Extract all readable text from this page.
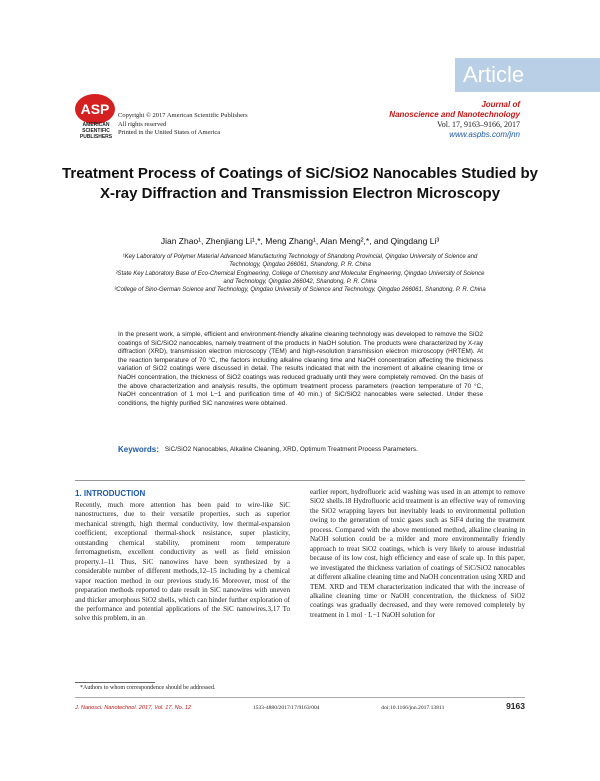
Article
ASP
AMERICAN SCIENTIFIC PUBLISHERS
Copyright © 2017 American Scientific Publishers
All rights reserved
Printed in the United States of America
Journal of
Nanoscience and Nanotechnology
Vol. 17, 9163–9166, 2017
www.aspbs.com/jnn
Treatment Process of Coatings of SiC/SiO2 Nanocables Studied by X-ray Diffraction and Transmission Electron Microscopy
Jian Zhao¹, Zhenjiang Li¹,*, Meng Zhang¹, Alan Meng²,*, and Qingdang Li³
¹Key Laboratory of Polymer Material Advanced Manufacturing Technology of Shandong Provincial, Qingdao University of Science and Technology, Qingdao 266061, Shandong, P. R. China
²State Key Laboratory Base of Eco-Chemical Engineering, College of Chemistry and Molecular Engineering, Qingdao University of Science and Technology, Qingdao 266042, Shandong, P. R. China
³College of Sino-German Science and Technology, Qingdao University of Science and Technology, Qingdao 266061, Shandong, P. R. China
In the present work, a simple, efficient and environment-friendly alkaline cleaning technology was developed to remove the SiO2 coatings of SiC/SiO2 nanocables, namely treatment of the products in NaOH solution. The products were characterized by X-ray diffraction (XRD), transmission electron microscopy (TEM) and high-resolution transmission electron microscopy (HRTEM). At the reaction temperature of 70 °C, the factors including alkaline cleaning time and NaOH concentration affecting the thickness variation of SiO2 coatings were discussed in detail. The results indicated that with the increment of alkaline cleaning time or NaOH concentration, the thickness of SiO2 coatings was reduced gradually until they were completely removed. On the basis of the above characterization and analysis results, the optimum treatment process parameters (reaction temperature of 70 °C, NaOH concentration of 1 mol L−1 and purification time of 40 min.) of SiC/SiO2 nanocables were selected. Under these conditions, the highly purified SiC nanowires were obtained.
Keywords: SiC/SiO2 Nanocables, Alkaline Cleaning, XRD, Optimum Treatment Process Parameters.
1. INTRODUCTION
Recently, much more attention has been paid to wire-like SiC nanostructures, due to their versatile properties, such as superior mechanical strength, high thermal conductivity, low thermal-expansion coefficient, exceptional thermal-shock resistance, super plasticity, outstanding chemical stability, prominent room temperature ferromagnetism, excellent conductivity as well as field emission property.1–11 Thus, SiC nanowires have been synthesized by a considerable number of different methods,12–15 including by a chemical vapor reaction method in our previous study.16 Moreover, most of the preparation methods reported to date result in SiC nanowires with uneven and thicker amorphous SiO2 shells, which can hinder further exploration of the performance and potential applications of the SiC nanowires.3,17 To solve this problem, in an
earlier report, hydrofluoric acid washing was used in an attempt to remove SiO2 shells.18 Hydrofluoric acid treatment is an effective way of removing the SiO2 wrapping layers but inevitably leads to environmental pollution owing to the generation of toxic gases such as SiF4 during the treatment process. Compared with the above mentioned method, alkaline cleaning in NaOH solution could be a milder and more environmentally friendly approach to treat SiO2 coatings, which is very likely to arouse industrial because of its low cost, high efficiency and ease of scale up. In this paper, we investigated the thickness variation of coatings of SiC/SiO2 nanocables at different alkaline cleaning time and NaOH concentration using XRD and TEM. XRD and TEM characterization indicated that with the increase of alkaline cleaning time or NaOH concentration, the thickness of SiO2 coatings was gradually decreased, and they were removed completely by treatment in 1 mol · L−1 NaOH solution for
*Authors to whom correspondence should be addressed.
J. Nanosci. Nanotechnol. 2017, Vol. 17, No. 12	1533-4880/2017/17/9163/004	doi:10.1166/jnn.2017.13811	9163
